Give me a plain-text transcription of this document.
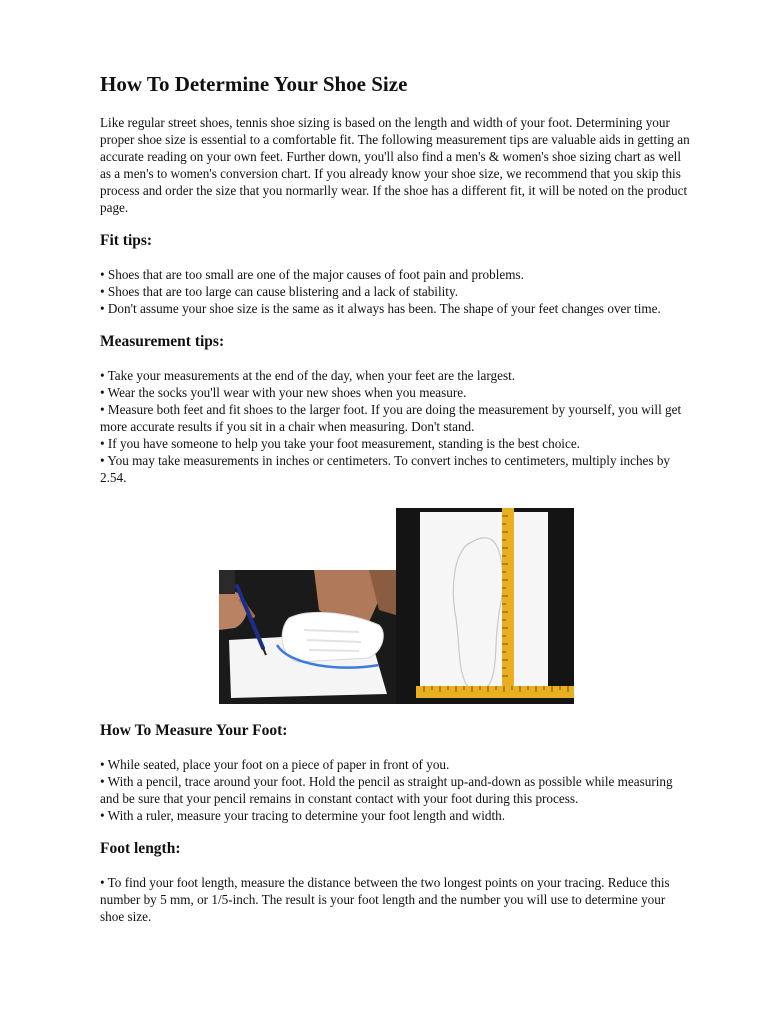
How To Determine Your Shoe Size

Like regular street shoes, tennis shoe sizing is based on the length and width of your foot. Determining your proper shoe size is essential to a comfortable fit. The following measurement tips are valuable aids in getting an accurate reading on your own feet. Further down, you'll also find a men's & women's shoe sizing chart as well as a men's to women's conversion chart. If you already know your shoe size, we recommend that you skip this process and order the size that you normarlly wear. If the shoe has a different fit, it will be noted on the product page.

Fit tips:

• Shoes that are too small are one of the major causes of foot pain and problems.

• Shoes that are too large can cause blistering and a lack of stability.

• Don't assume your shoe size is the same as it always has been. The shape of your feet changes over time.

Measurement tips:

• Take your measurements at the end of the day, when your feet are the largest.

• Wear the socks you'll wear with your new shoes when you measure.

• Measure both feet and fit shoes to the larger foot. If you are doing the measurement by yourself, you will get more accurate results if you sit in a chair when measuring. Don't stand.

• If you have someone to help you take your foot measurement, standing is the best choice.

• You may take measurements in inches or centimeters. To convert inches to centimeters, multiply inches by 2.54.

How To Measure Your Foot:

• While seated, place your foot on a piece of paper in front of you.

• With a pencil, trace around your foot. Hold the pencil as straight up-and-down as possible while measuring and be sure that your pencil remains in constant contact with your foot during this process.

• With a ruler, measure your tracing to determine your foot length and width.

Foot length:

• To find your foot length, measure the distance between the two longest points on your tracing. Reduce this number by 5 mm, or 1/5-inch. The result is your foot length and the number you will use to determine your shoe size.
